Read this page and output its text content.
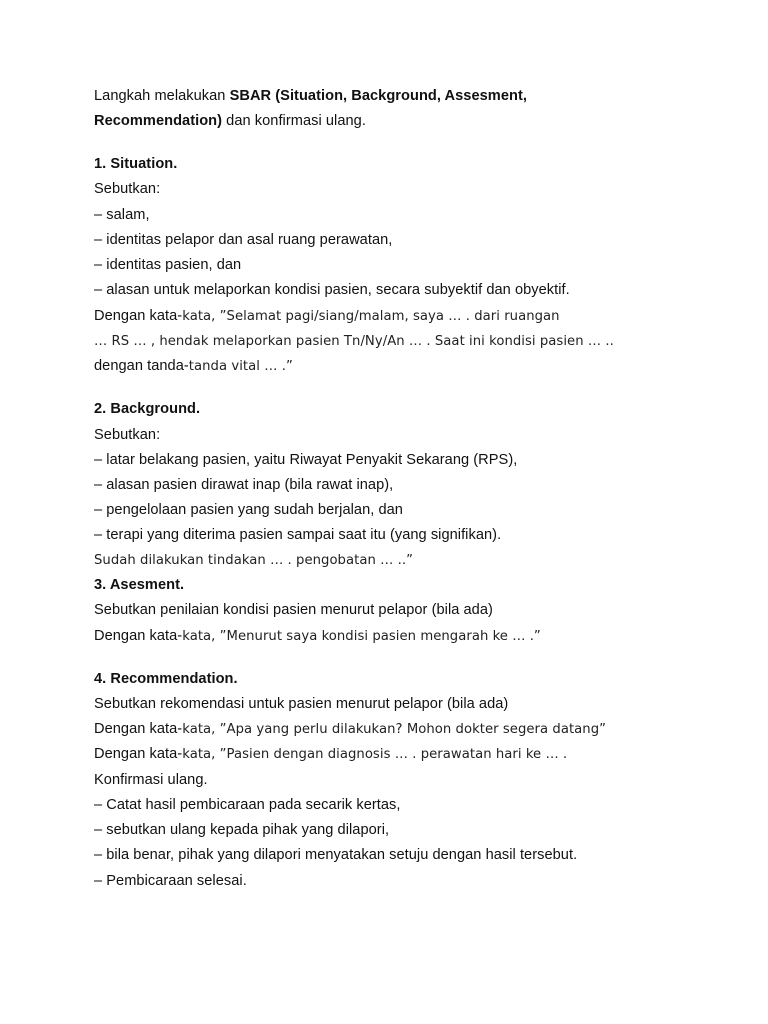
Langkah melakukan SBAR (Situation, Background, Assesment,
Recommendation) dan konfirmasi ulang.
1. Situation.
Sebutkan:
– salam,
– identitas pelapor dan asal ruang perawatan,
– identitas pasien, dan
– alasan untuk melaporkan kondisi pasien, secara subyektif dan obyektif.
Dengan kata-kata, ”Selamat pagi/siang/malam, saya … . dari ruangan
… RS … , hendak melaporkan pasien Tn/Ny/An … . Saat ini kondisi pasien … ..
dengan tanda-tanda vital … .”
2. Background.
Sebutkan:
– latar belakang pasien, yaitu Riwayat Penyakit Sekarang (RPS),
– alasan pasien dirawat inap (bila rawat inap),
– pengelolaan pasien yang sudah berjalan, dan
– terapi yang diterima pasien sampai saat itu (yang signifikan).
Sudah dilakukan tindakan … . pengobatan … ..”
3. Asesment.
Sebutkan penilaian kondisi pasien menurut pelapor (bila ada)
Dengan kata-kata, ”Menurut saya kondisi pasien mengarah ke … .”
4. Recommendation.
Sebutkan rekomendasi untuk pasien menurut pelapor (bila ada)
Dengan kata-kata, ”Apa yang perlu dilakukan? Mohon dokter segera datang”
Dengan kata-kata, ”Pasien dengan diagnosis … . perawatan hari ke … .
Konfirmasi ulang.
– Catat hasil pembicaraan pada secarik kertas,
– sebutkan ulang kepada pihak yang dilapori,
– bila benar, pihak yang dilapori menyatakan setuju dengan hasil tersebut.
– Pembicaraan selesai.
